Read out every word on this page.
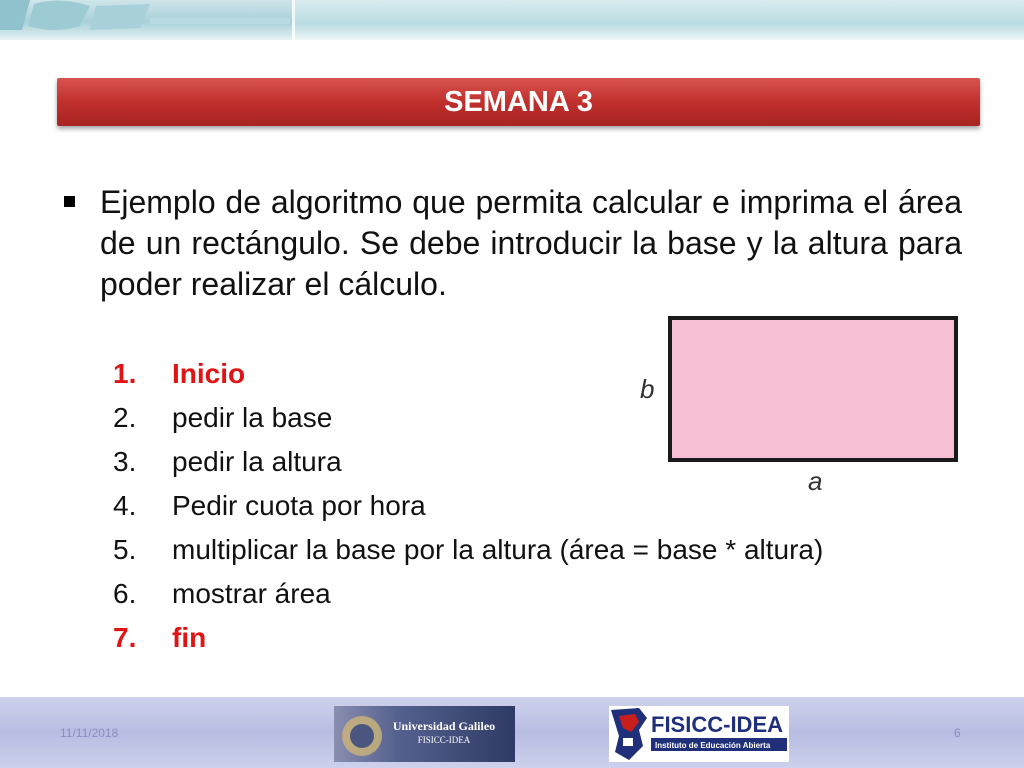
SEMANA 3

Ejemplo de algoritmo que permita calcular e imprima el área de un rectángulo. Se debe introducir la base y la altura para poder realizar el cálculo.

1. Inicio
2. pedir la base
3. pedir la altura
4. Pedir cuota por hora
5. multiplicar la base por la altura (área = base * altura)
6. mostrar área
7. fin
b
a
11/11/2018	6
Universidad Galileo
FISICC-IDEA
FISICC-IDEA
Instituto de Educación Abierta
